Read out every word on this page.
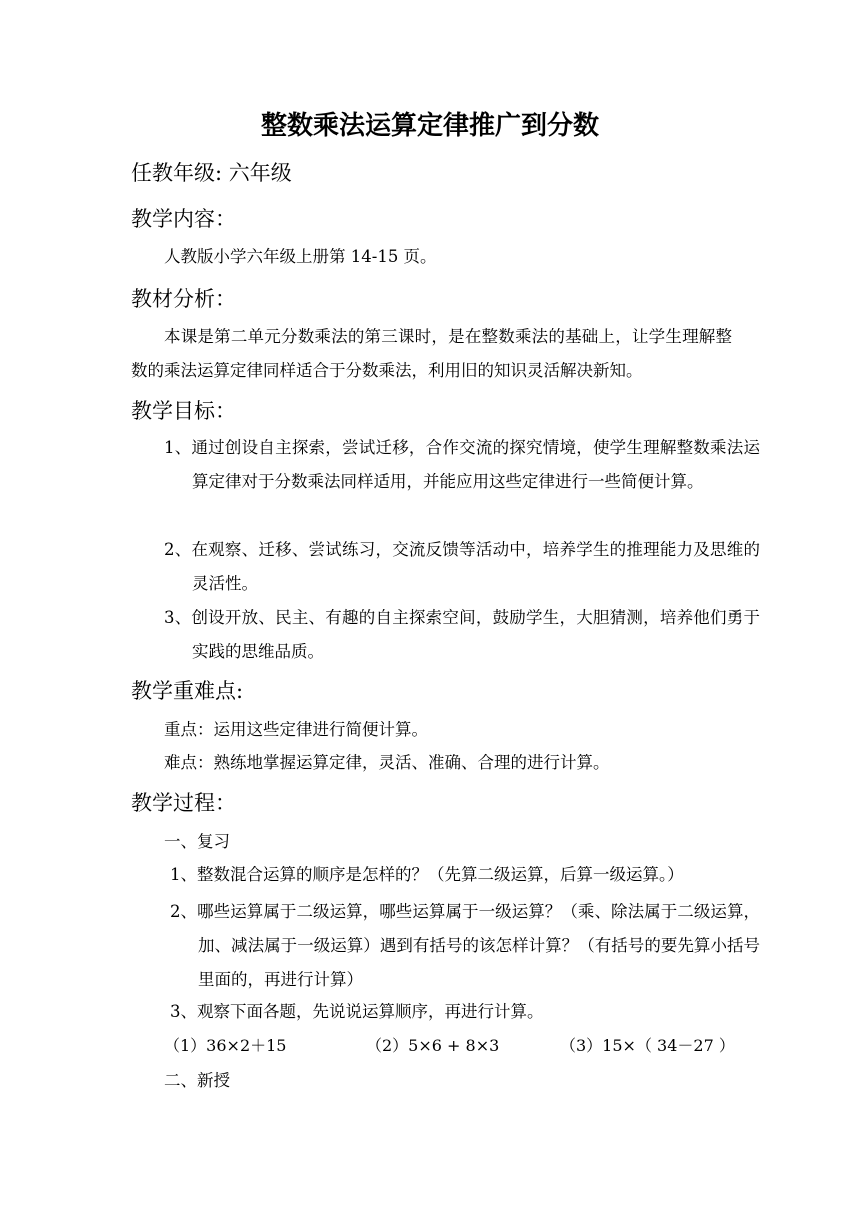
整数乘法运算定律推广到分数
任教年级: 六年级
教学内容：

人教版小学六年级上册第 14-15 页。

教材分析：

本课是第二单元分数乘法的第三课时，是在整数乘法的基础上，让学生理解整数的乘法运算定律同样适合于分数乘法，利用旧的知识灵活解决新知。

教学目标：

1、通过创设自主探索，尝试迁移，合作交流的探究情境，使学生理解整数乘法运算定律对于分数乘法同样适用，并能应用这些定律进行一些简便计算。

2、在观察、迁移、尝试练习，交流反馈等活动中，培养学生的推理能力及思维的灵活性。

3、创设开放、民主、有趣的自主探索空间，鼓励学生，大胆猜测，培养他们勇于实践的思维品质。

教学重难点:

重点：运用这些定律进行简便计算。

难点：熟练地掌握运算定律，灵活、准确、合理的进行计算。

教学过程：

一、复习

1、整数混合运算的顺序是怎样的？（先算二级运算，后算一级运算。）

2、哪些运算属于二级运算，哪些运算属于一级运算？（乘、除法属于二级运算，加、减法属于一级运算）遇到有括号的该怎样计算？（有括号的要先算小括号里面的，再进行计算）

3、观察下面各题，先说说运算顺序，再进行计算。

（1）36×2＋15	（2）5×6 + 8×3	（3）15×（ 34－27 ）

二、新授
